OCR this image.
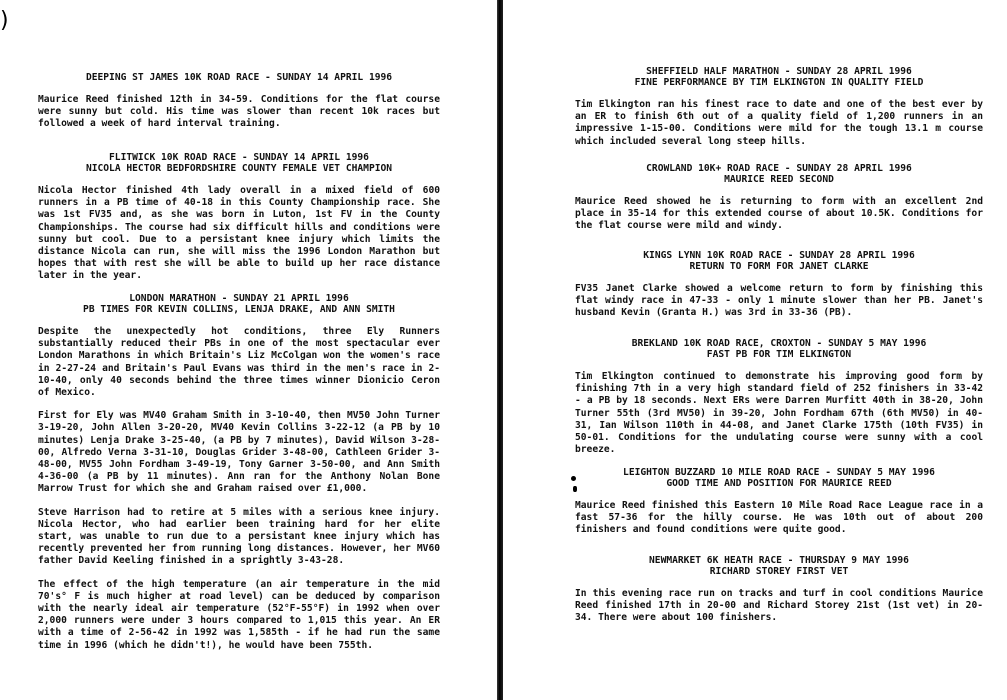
)

DEEPING ST JAMES 10K ROAD RACE - SUNDAY 14 APRIL 1996

Maurice Reed finished 12th in 34-59. Conditions for the flat course were sunny but cold. His time was slower than recent 10k races but followed a week of hard interval training.

FLITWICK 10K ROAD RACE - SUNDAY 14 APRIL 1996

NICOLA HECTOR BEDFORDSHIRE COUNTY FEMALE VET CHAMPION

Nicola Hector finished 4th lady overall in a mixed field of 600 runners in a PB time of 40-18 in this County Championship race. She was 1st FV35 and, as she was born in Luton, 1st FV in the County Championships. The course had six difficult hills and conditions were sunny but cool. Due to a persistant knee injury which limits the distance Nicola can run, she will miss the 1996 London Marathon but hopes that with rest she will be able to build up her race distance later in the year.

LONDON MARATHON - SUNDAY 21 APRIL 1996

PB TIMES FOR KEVIN COLLINS, LENJA DRAKE, AND ANN SMITH

Despite the unexpectedly hot conditions, three Ely Runners substantially reduced their PBs in one of the most spectacular ever London Marathons in which Britain's Liz McColgan won the women's race in 2-27-24 and Britain's Paul Evans was third in the men's race in 2-10-40, only 40 seconds behind the three times winner Dionicio Ceron of Mexico.

First for Ely was MV40 Graham Smith in 3-10-40, then MV50 John Turner 3-19-20, John Allen 3-20-20, MV40 Kevin Collins 3-22-12 (a PB by 10 minutes) Lenja Drake 3-25-40, (a PB by 7 minutes), David Wilson 3-28-00, Alfredo Verna 3-31-10, Douglas Grider 3-48-00, Cathleen Grider 3-48-00, MV55 John Fordham 3-49-19, Tony Garner 3-50-00, and Ann Smith 4-36-00 (a PB by 11 minutes). Ann ran for the Anthony Nolan Bone Marrow Trust for which she and Graham raised over £1,000.

Steve Harrison had to retire at 5 miles with a serious knee injury. Nicola Hector, who had earlier been training hard for her elite start, was unable to run due to a persistant knee injury which has recently prevented her from running long distances. However, her MV60 father David Keeling finished in a sprightly 3-43-28.

The effect of the high temperature (an air temperature in the mid 70's° F is much higher at road level) can be deduced by comparison with the nearly ideal air temperature (52°F-55°F) in 1992 when over 2,000 runners were under 3 hours compared to 1,015 this year. An ER with a time of 2-56-42 in 1992 was 1,585th - if he had run the same time in 1996 (which he didn't!), he would have been 755th.

SHEFFIELD HALF MARATHON - SUNDAY 28 APRIL 1996

FINE PERFORMANCE BY TIM ELKINGTON IN QUALITY FIELD

Tim Elkington ran his finest race to date and one of the best ever by an ER to finish 6th out of a quality field of 1,200 runners in an impressive 1-15-00. Conditions were mild for the tough 13.1 m course which included several long steep hills.

CROWLAND 10K+ ROAD RACE - SUNDAY 28 APRIL 1996

MAURICE REED SECOND

Maurice Reed showed he is returning to form with an excellent 2nd place in 35-14 for this extended course of about 10.5K. Conditions for the flat course were mild and windy.

KINGS LYNN 10K ROAD RACE - SUNDAY 28 APRIL 1996

RETURN TO FORM FOR JANET CLARKE

FV35 Janet Clarke showed a welcome return to form by finishing this flat windy race in 47-33 - only 1 minute slower than her PB. Janet's husband Kevin (Granta H.) was 3rd in 33-36 (PB).

BREKLAND 10K ROAD RACE, CROXTON - SUNDAY 5 MAY 1996

FAST PB FOR TIM ELKINGTON

Tim Elkington continued to demonstrate his improving good form by finishing 7th in a very high standard field of 252 finishers in 33-42 - a PB by 18 seconds. Next ERs were Darren Murfitt 40th in 38-20, John Turner 55th (3rd MV50) in 39-20, John Fordham 67th (6th MV50) in 40-31, Ian Wilson 110th in 44-08, and Janet Clarke 175th (10th FV35) in 50-01. Conditions for the undulating course were sunny with a cool breeze.

LEIGHTON BUZZARD 10 MILE ROAD RACE - SUNDAY 5 MAY 1996

GOOD TIME AND POSITION FOR MAURICE REED

Maurice Reed finished this Eastern 10 Mile Road Race League race in a fast 57-36 for the hilly course. He was 10th out of about 200 finishers and found conditions were quite good.

NEWMARKET 6K HEATH RACE - THURSDAY 9 MAY 1996

RICHARD STOREY FIRST VET

In this evening race run on tracks and turf in cool conditions Maurice Reed finished 17th in 20-00 and Richard Storey 21st (1st vet) in 20-34. There were about 100 finishers.
